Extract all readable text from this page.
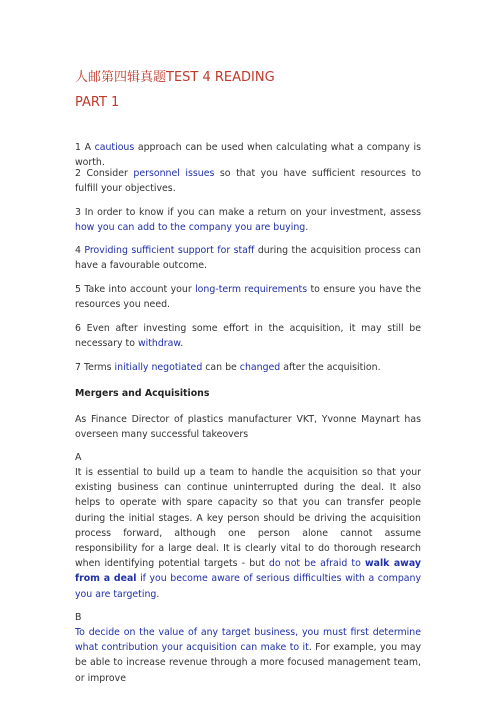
人邮第四辑真题TEST 4 READING
PART 1
1 A cautious approach can be used when calculating what a company is worth.
2 Consider personnel issues so that you have sufficient resources to fulfill your objectives.
3 In order to know if you can make a return on your investment, assess how you can add to the company you are buying.
4 Providing sufficient support for staff during the acquisition process can have a favourable outcome.
5 Take into account your long-term requirements to ensure you have the resources you need.
6 Even after investing some effort in the acquisition, it may still be necessary to withdraw.
7 Terms initially negotiated can be changed after the acquisition.
Mergers and Acquisitions
As Finance Director of plastics manufacturer VKT, Yvonne Maynart has overseen many successful takeovers
A
It is essential to build up a team to handle the acquisition so that your existing business can continue uninterrupted during the deal. It also helps to operate with spare capacity so that you can transfer people during the initial stages. A key person should be driving the acquisition process forward, although one person alone cannot assume responsibility for a large deal. It is clearly vital to do thorough research when identifying potential targets - but do not be afraid to walk away from a deal if you become aware of serious difficulties with a company you are targeting.
B
To decide on the value of any target business, you must first determine what contribution your acquisition can make to it. For example, you may be able to increase revenue through a more focused management team, or improve
